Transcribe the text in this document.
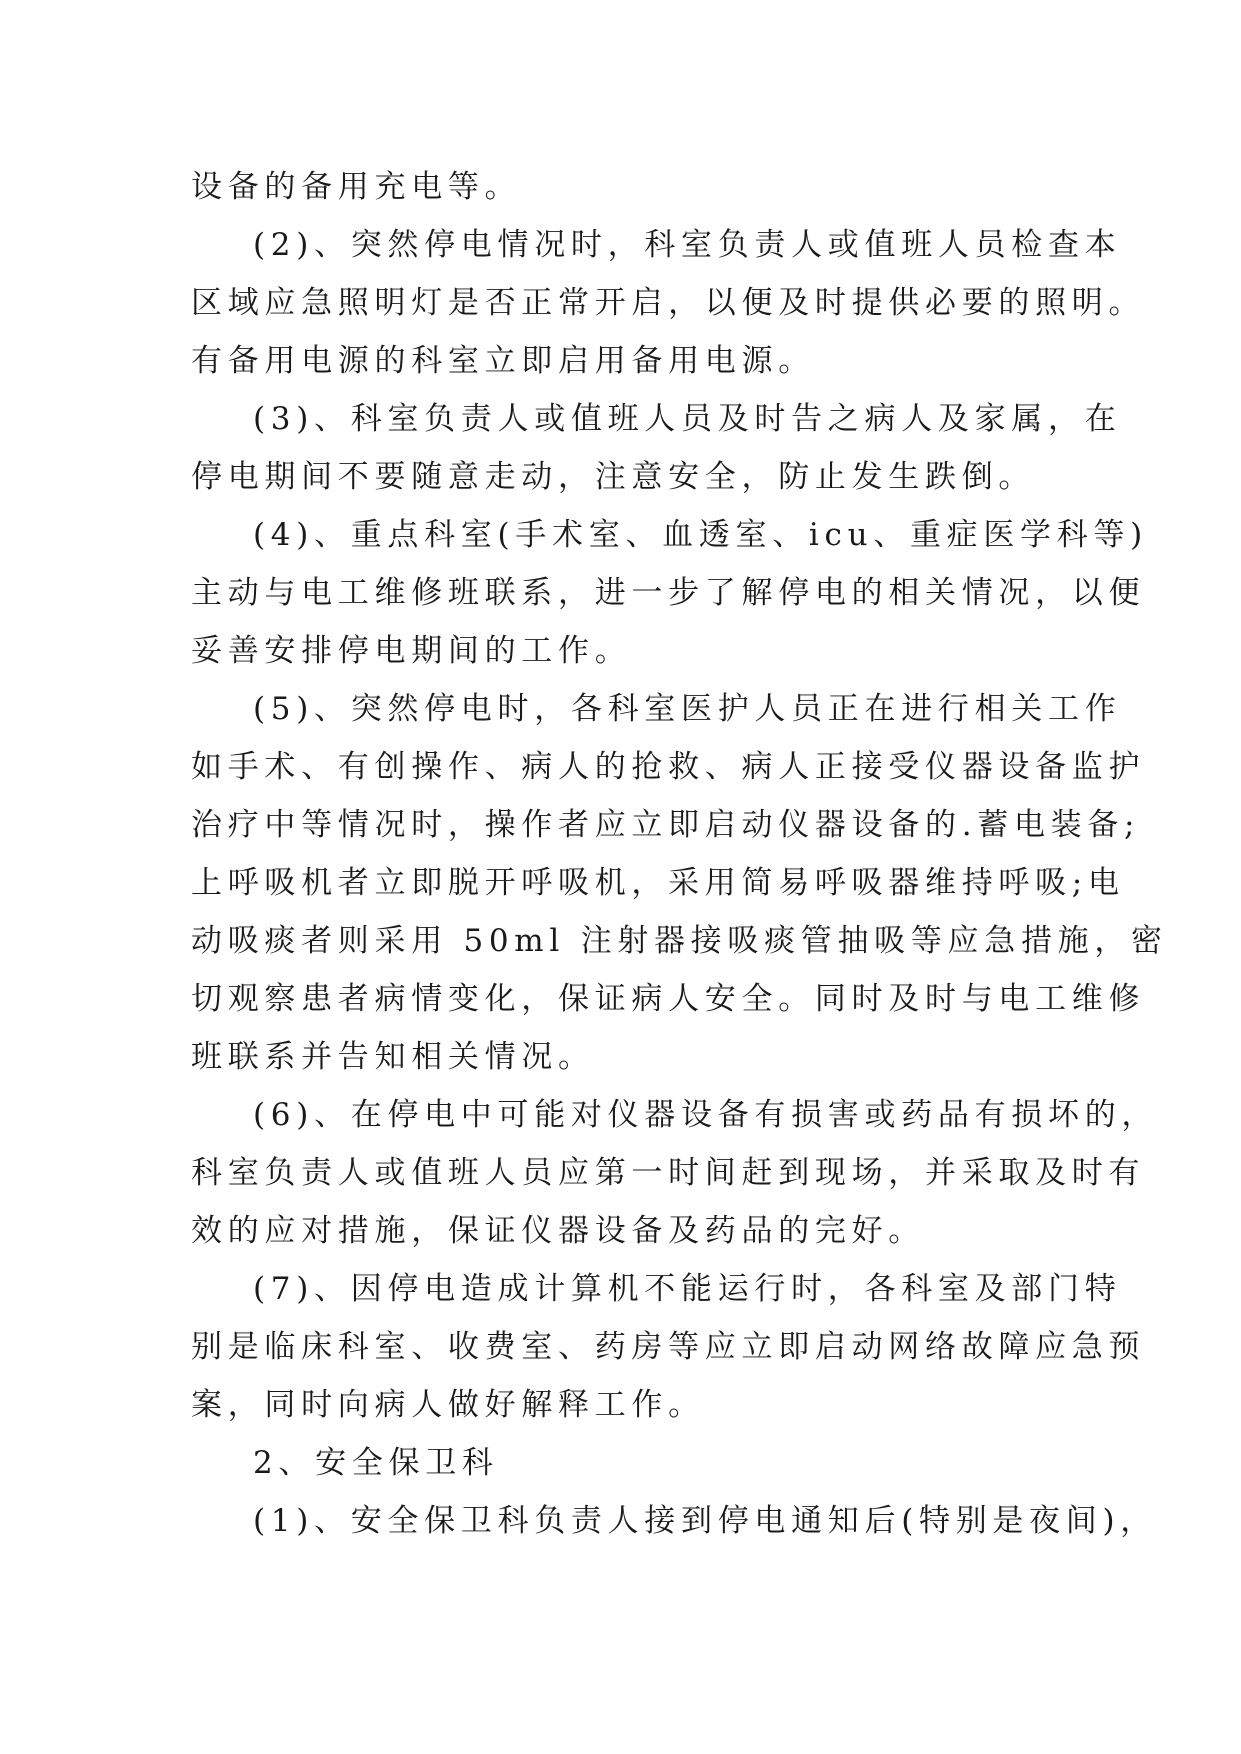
设备的备用充电等。
(2)、突然停电情况时，科室负责人或值班人员检查本
区域应急照明灯是否正常开启，以便及时提供必要的照明。
有备用电源的科室立即启用备用电源。
(3)、科室负责人或值班人员及时告之病人及家属，在
停电期间不要随意走动，注意安全，防止发生跌倒。
(4)、重点科室(手术室、血透室、icu、重症医学科等)
主动与电工维修班联系，进一步了解停电的相关情况，以便
妥善安排停电期间的工作。
(5)、突然停电时，各科室医护人员正在进行相关工作
如手术、有创操作、病人的抢救、病人正接受仪器设备监护
治疗中等情况时，操作者应立即启动仪器设备的.蓄电装备;
上呼吸机者立即脱开呼吸机，采用简易呼吸器维持呼吸;电
动吸痰者则采用 50ml 注射器接吸痰管抽吸等应急措施，密
切观察患者病情变化，保证病人安全。同时及时与电工维修
班联系并告知相关情况。
(6)、在停电中可能对仪器设备有损害或药品有损坏的，
科室负责人或值班人员应第一时间赶到现场，并采取及时有
效的应对措施，保证仪器设备及药品的完好。
(7)、因停电造成计算机不能运行时，各科室及部门特
别是临床科室、收费室、药房等应立即启动网络故障应急预
案，同时向病人做好解释工作。
2、安全保卫科
(1)、安全保卫科负责人接到停电通知后(特别是夜间)，
